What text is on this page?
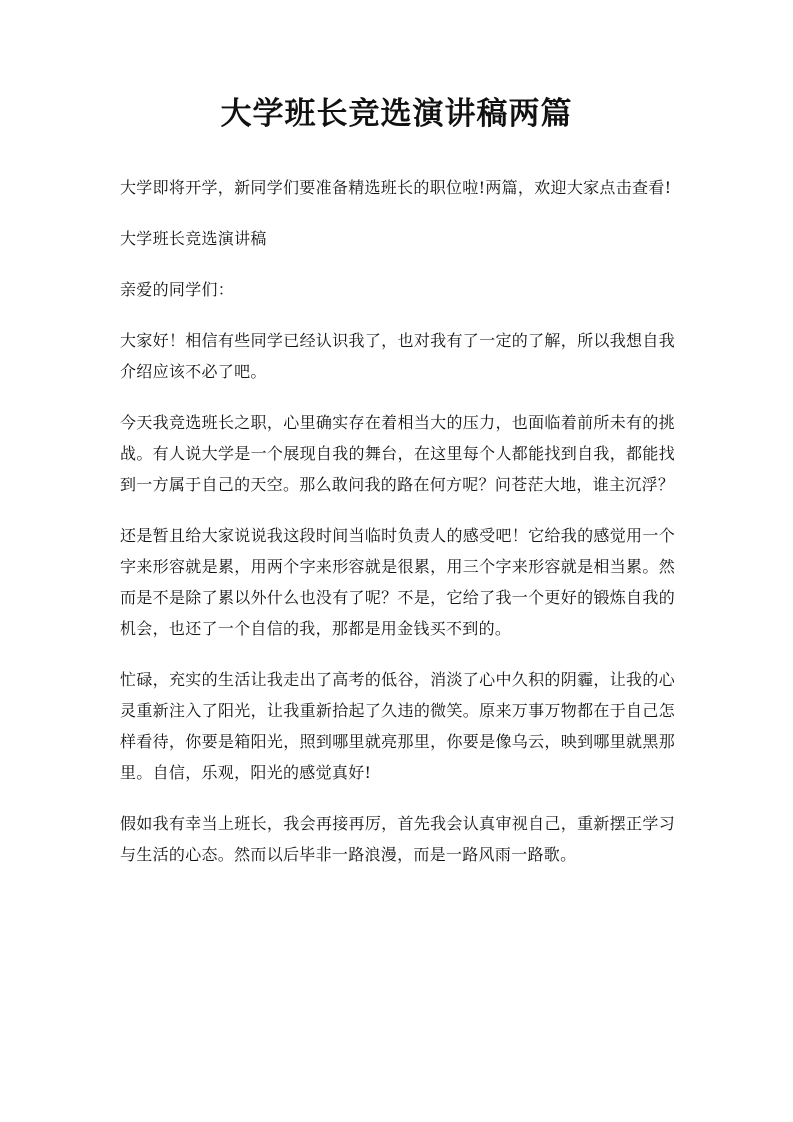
大学班长竞选演讲稿两篇

大学即将开学，新同学们要准备精选班长的职位啦!两篇，欢迎大家点击查看!

大学班长竞选演讲稿

亲爱的同学们：

大家好！相信有些同学已经认识我了，也对我有了一定的了解，所以我想自我介绍应该不必了吧。

今天我竞选班长之职，心里确实存在着相当大的压力，也面临着前所未有的挑战。有人说大学是一个展现自我的舞台，在这里每个人都能找到自我，都能找到一方属于自己的天空。那么敢问我的路在何方呢？问苍茫大地，谁主沉浮？

还是暂且给大家说说我这段时间当临时负责人的感受吧！它给我的感觉用一个字来形容就是累，用两个字来形容就是很累，用三个字来形容就是相当累。然而是不是除了累以外什么也没有了呢？不是，它给了我一个更好的锻炼自我的机会，也还了一个自信的我，那都是用金钱买不到的。

忙碌，充实的生活让我走出了高考的低谷，消淡了心中久积的阴霾，让我的心灵重新注入了阳光，让我重新拾起了久违的微笑。原来万事万物都在于自己怎样看待，你要是箱阳光，照到哪里就亮那里，你要是像乌云，映到哪里就黑那里。自信，乐观，阳光的感觉真好!

假如我有幸当上班长，我会再接再厉，首先我会认真审视自己，重新摆正学习与生活的心态。然而以后毕非一路浪漫，而是一路风雨一路歌。
